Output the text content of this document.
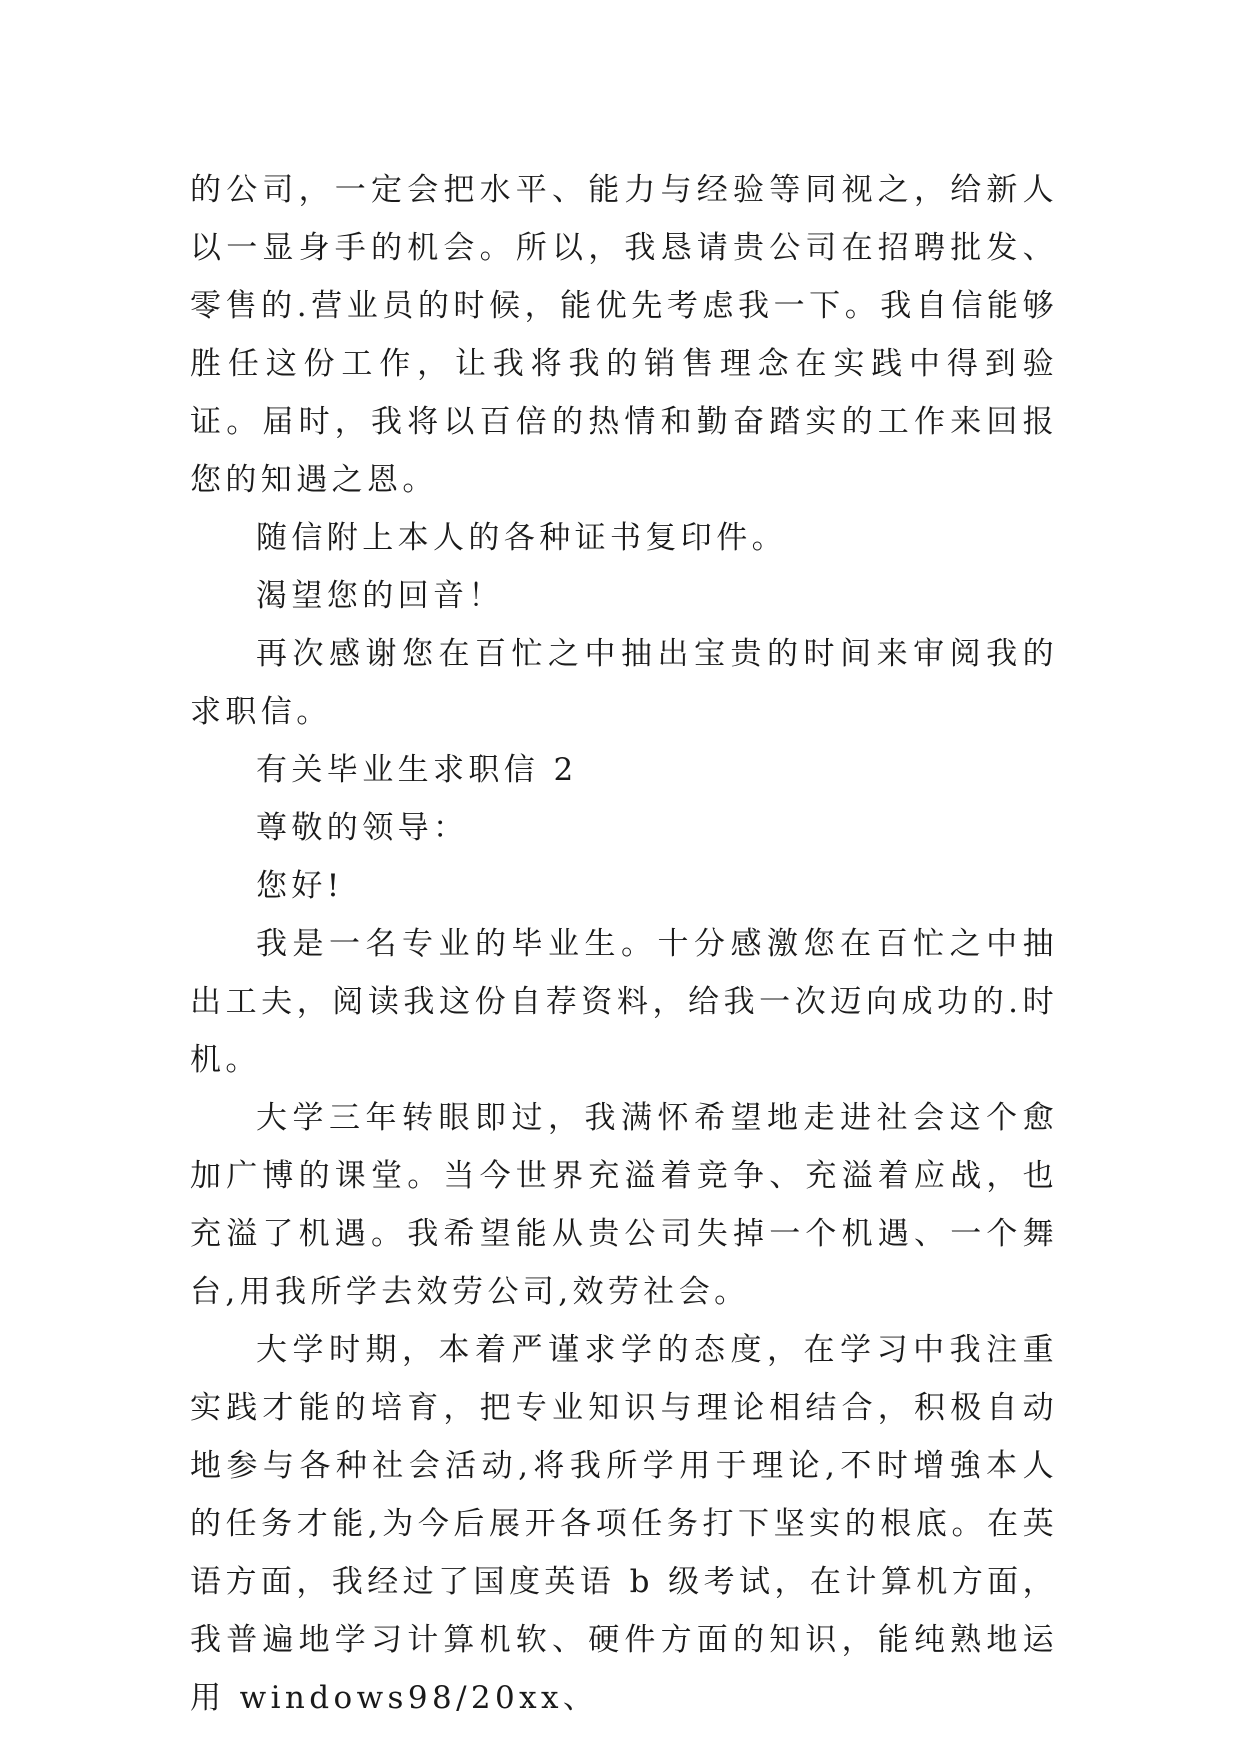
的公司，一定会把水平、能力与经验等同视之，给新人以一显身手的机会。所以，我恳请贵公司在招聘批发、零售的.营业员的时候，能优先考虑我一下。我自信能够胜任这份工作，让我将我的销售理念在实践中得到验证。届时，我将以百倍的热情和勤奋踏实的工作来回报您的知遇之恩。

随信附上本人的各种证书复印件。

渴望您的回音！

再次感谢您在百忙之中抽出宝贵的时间来审阅我的求职信。

有关毕业生求职信 2

尊敬的领导：

您好!

我是一名专业的毕业生。十分感激您在百忙之中抽出工夫，阅读我这份自荐资料，给我一次迈向成功的.时机。

大学三年转眼即过，我满怀希望地走进社会这个愈加广博的课堂。当今世界充溢着竞争、充溢着应战，也充溢了机遇。我希望能从贵公司失掉一个机遇、一个舞台,用我所学去效劳公司,效劳社会。

大学时期，本着严谨求学的态度，在学习中我注重实践才能的培育，把专业知识与理论相结合，积极自动地参与各种社会活动,将我所学用于理论,不时增強本人的任务才能,为今后展开各项任务打下坚实的根底。在英语方面，我经过了国度英语 b 级考试，在计算机方面，我普遍地学习计算机软、硬件方面的知识，能纯熟地运用 windows98/20xx、
